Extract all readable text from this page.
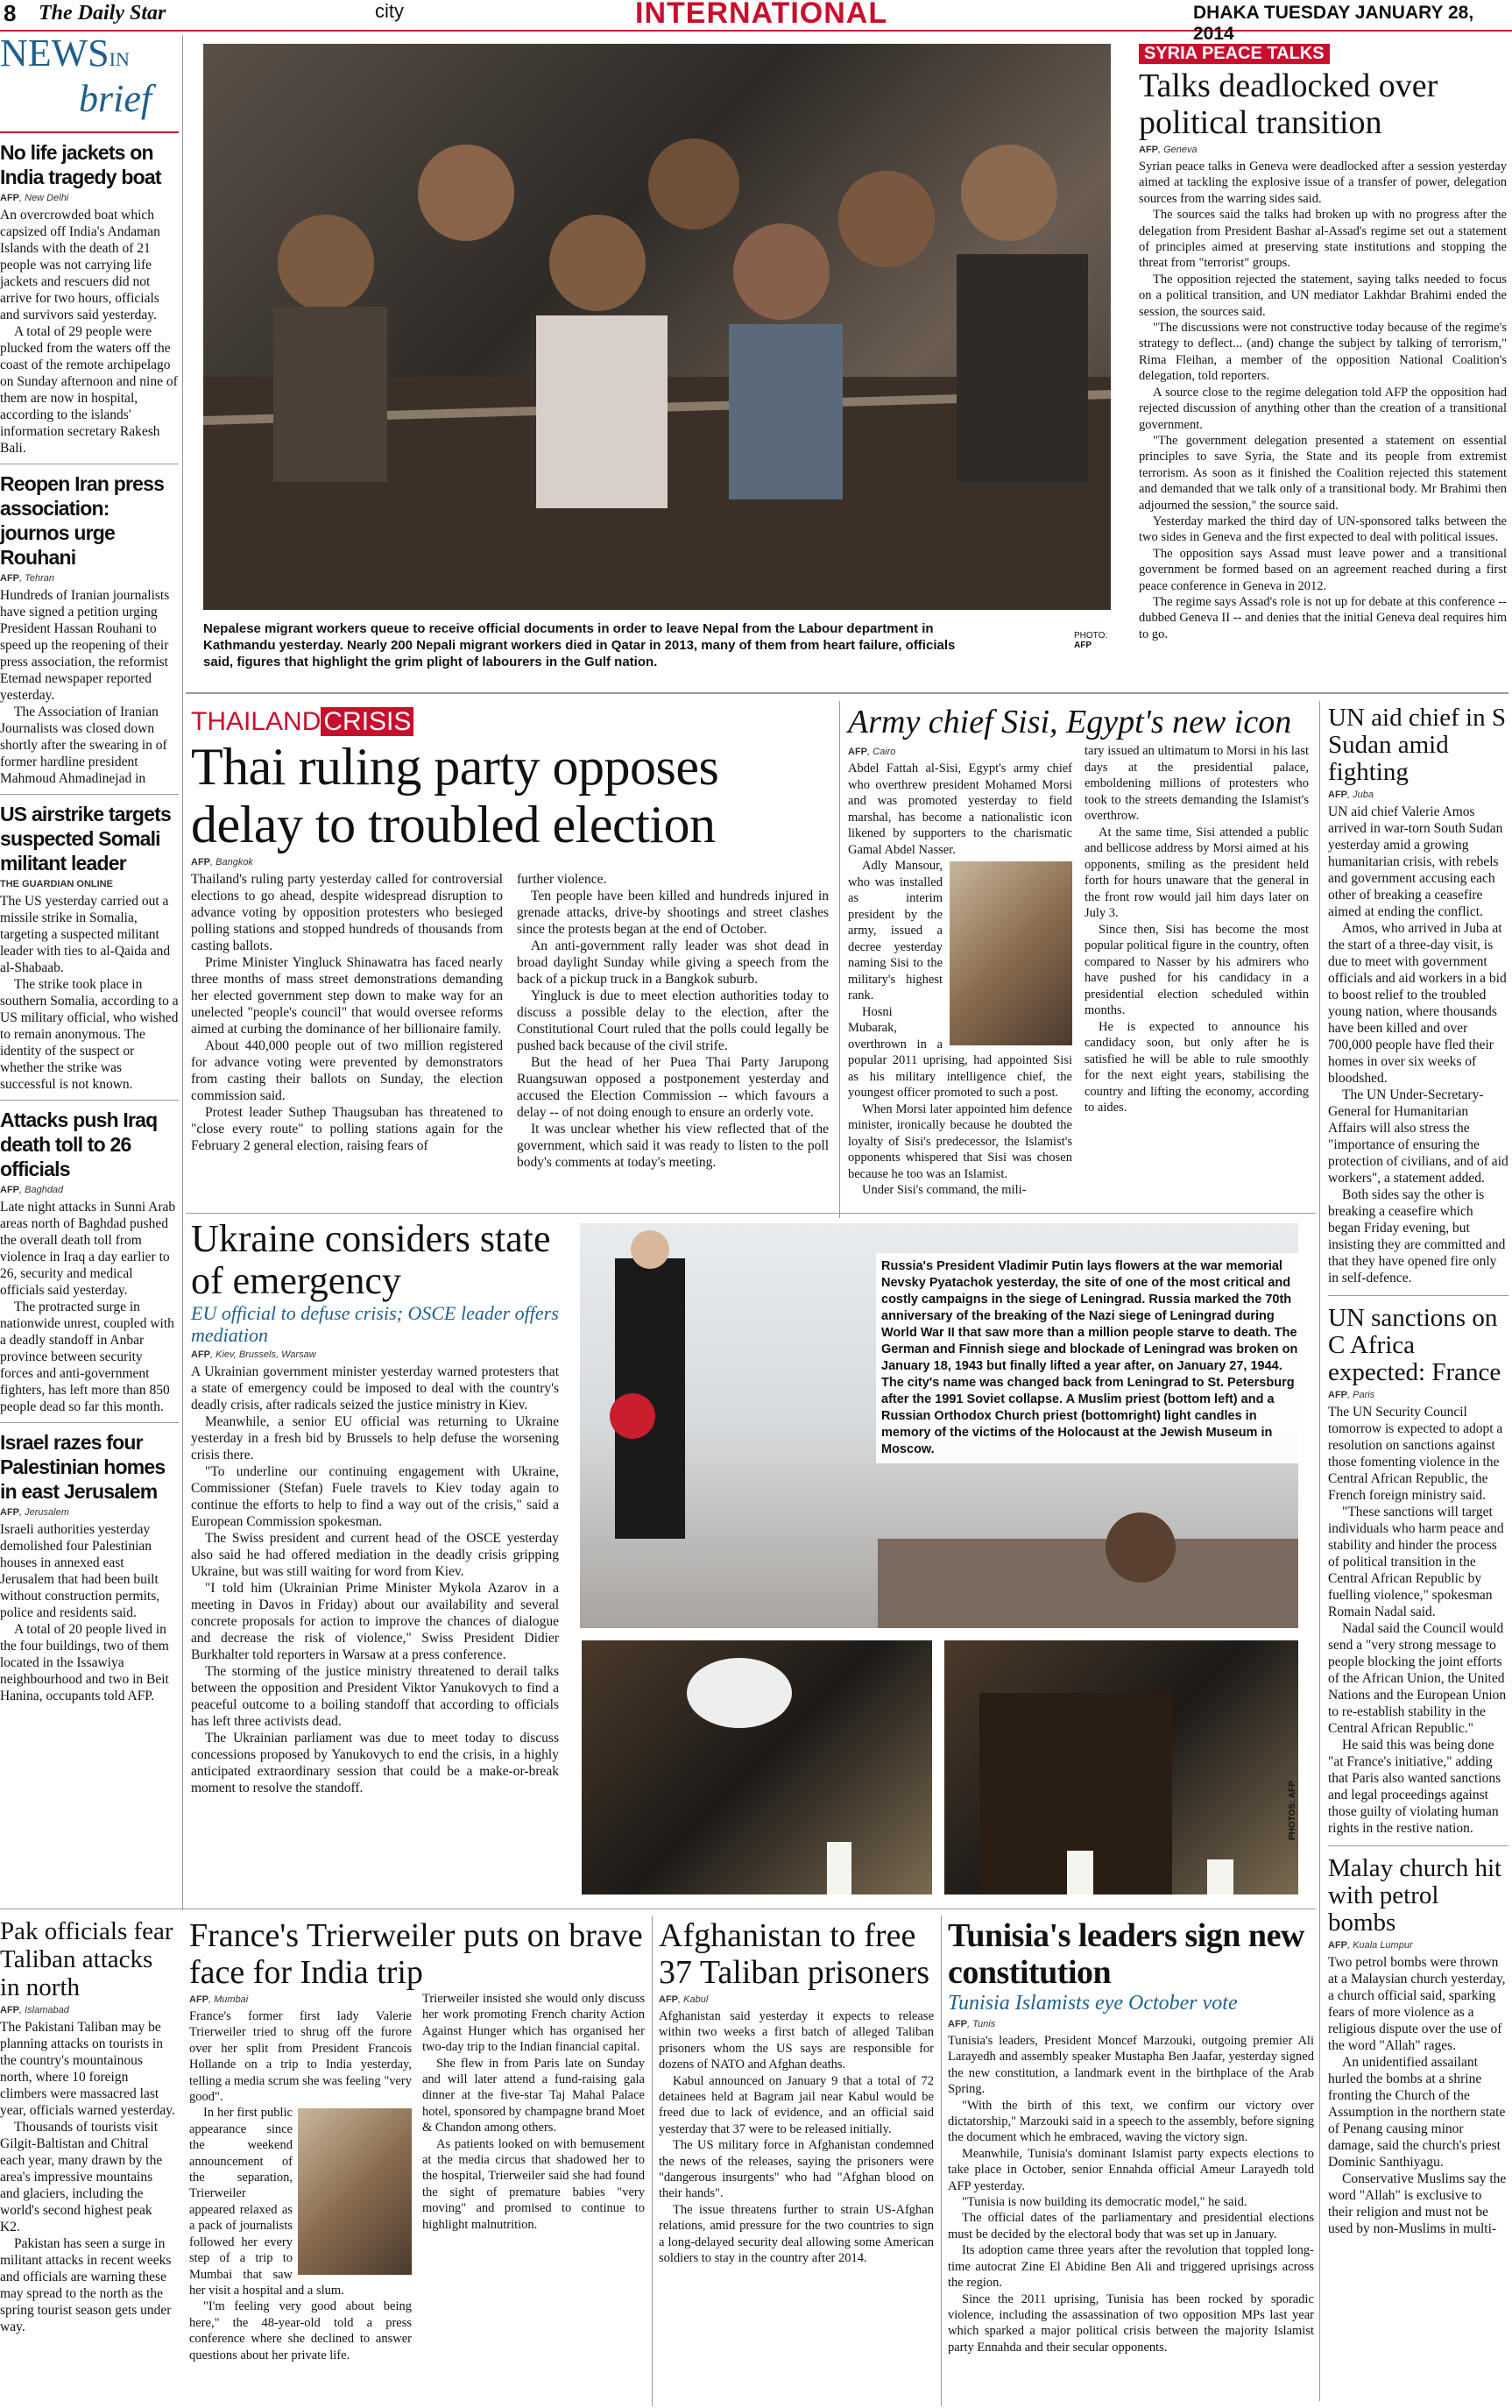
8 The Daily Star	city	INTERNATIONAL	DHAKA TUESDAY JANUARY 28, 2014
NEWSIN
brief
No life jackets on India tragedy boat
AFP, New Delhi

An overcrowded boat which capsized off India's Andaman Islands with the death of 21 people was not carrying life jackets and rescuers did not arrive for two hours, officials and survivors said yesterday.

A total of 29 people were plucked from the waters off the coast of the remote archipelago on Sunday afternoon and nine of them are now in hospital, according to the islands' information secretary Rakesh Bali.

Reopen Iran press association: journos urge Rouhani
AFP, Tehran

Hundreds of Iranian journalists have signed a petition urging President Hassan Rouhani to speed up the reopening of their press association, the reformist Etemad newspaper reported yesterday.

The Association of Iranian Journalists was closed down shortly after the swearing in of former hardline president Mahmoud Ahmadinejad in

US airstrike targets suspected Somali militant leader
THE GUARDIAN ONLINE

The US yesterday carried out a missile strike in Somalia, targeting a suspected militant leader with ties to al-Qaida and al-Shabaab.

The strike took place in southern Somalia, according to a US military official, who wished to remain anonymous. The identity of the suspect or whether the strike was successful is not known.

Attacks push Iraq death toll to 26 officials
AFP, Baghdad

Late night attacks in Sunni Arab areas north of Baghdad pushed the overall death toll from violence in Iraq a day earlier to 26, security and medical officials said yesterday.

The protracted surge in nationwide unrest, coupled with a deadly standoff in Anbar province between security forces and anti-government fighters, has left more than 850 people dead so far this month.

Israel razes four Palestinian homes in east Jerusalem
AFP, Jerusalem

Israeli authorities yesterday demolished four Palestinian houses in annexed east Jerusalem that had been built without construction permits, police and residents said.

A total of 20 people lived in the four buildings, two of them located in the Issawiya neighbourhood and two in Beit Hanina, occupants told AFP.

Nepalese migrant workers queue to receive official documents in order to leave Nepal from the Labour department in Kathmandu yesterday. Nearly 200 Nepali migrant workers died in Qatar in 2013, many of them from heart failure, officials said, figures that highlight the grim plight of labourers in the Gulf nation.
PHOTO:
AFP
SYRIA PEACE TALKS
Talks deadlocked over political transition
AFP, Geneva

Syrian peace talks in Geneva were deadlocked after a session yesterday aimed at tackling the explosive issue of a transfer of power, delegation sources from the warring sides said.

The sources said the talks had broken up with no progress after the delegation from President Bashar al-Assad's regime set out a statement of principles aimed at preserving state institutions and stopping the threat from "terrorist" groups.

The opposition rejected the statement, saying talks needed to focus on a political transition, and UN mediator Lakhdar Brahimi ended the session, the sources said.

"The discussions were not constructive today because of the regime's strategy to deflect... (and) change the subject by talking of terrorism," Rima Fleihan, a member of the opposition National Coalition's delegation, told reporters.

A source close to the regime delegation told AFP the opposition had rejected discussion of anything other than the creation of a transitional government.

"The government delegation presented a statement on essential principles to save Syria, the State and its people from extremist terrorism. As soon as it finished the Coalition rejected this statement and demanded that we talk only of a transitional body. Mr Brahimi then adjourned the session," the source said.

Yesterday marked the third day of UN-sponsored talks between the two sides in Geneva and the first expected to deal with political issues.

The opposition says Assad must leave power and a transitional government be formed based on an agreement reached during a first peace conference in Geneva in 2012.

The regime says Assad's role is not up for debate at this conference -- dubbed Geneva II -- and denies that the initial Geneva deal requires him to go.

THAILAND CRISIS
Thai ruling party opposes delay to troubled election
AFP, Bangkok

Thailand's ruling party yesterday called for controversial elections to go ahead, despite widespread disruption to advance voting by opposition protesters who besieged polling stations and stopped hundreds of thousands from casting ballots.

Prime Minister Yingluck Shinawatra has faced nearly three months of mass street demonstrations demanding her elected government step down to make way for an unelected "people's council" that would oversee reforms aimed at curbing the dominance of her billionaire family.

About 440,000 people out of two million registered for advance voting were prevented by demonstrators from casting their ballots on Sunday, the election commission said.

Protest leader Suthep Thaugsuban has threatened to "close every route" to polling stations again for the February 2 general election, raising fears of

further violence.

Ten people have been killed and hundreds injured in grenade attacks, drive-by shootings and street clashes since the protests began at the end of October.

An anti-government rally leader was shot dead in broad daylight Sunday while giving a speech from the back of a pickup truck in a Bangkok suburb.

Yingluck is due to meet election authorities today to discuss a possible delay to the election, after the Constitutional Court ruled that the polls could legally be pushed back because of the civil strife.

But the head of her Puea Thai Party Jarupong Ruangsuwan opposed a postponement yesterday and accused the Election Commission -- which favours a delay -- of not doing enough to ensure an orderly vote.

It was unclear whether his view reflected that of the government, which said it was ready to listen to the poll body's comments at today's meeting.

Army chief Sisi, Egypt's new icon
AFP, Cairo

Abdel Fattah al-Sisi, Egypt's army chief who overthrew president Mohamed Morsi and was promoted yesterday to field marshal, has become a nationalistic icon likened by supporters to the charismatic Gamal Abdel Nasser.

Adly Mansour, who was installed as interim president by the army, issued a decree yesterday naming Sisi to the military's highest rank.

Hosni Mubarak, overthrown in a popular 2011 uprising, had appointed Sisi as his military intelligence chief, the youngest officer promoted to such a post.

When Morsi later appointed him defence minister, ironically because he doubted the loyalty of Sisi's predecessor, the Islamist's opponents whispered that Sisi was chosen because he too was an Islamist.

Under Sisi's command, the mili-

tary issued an ultimatum to Morsi in his last days at the presidential palace, emboldening millions of protesters who took to the streets demanding the Islamist's overthrow.

At the same time, Sisi attended a public and bellicose address by Morsi aimed at his opponents, smiling as the president held forth for hours unaware that the general in the front row would jail him days later on July 3.

Since then, Sisi has become the most popular political figure in the country, often compared to Nasser by his admirers who have pushed for his candidacy in a presidential election scheduled within months.

He is expected to announce his candidacy soon, but only after he is satisfied he will be able to rule smoothly for the next eight years, stabilising the country and lifting the economy, according to aides.

UN aid chief in S Sudan amid fighting
AFP, Juba

UN aid chief Valerie Amos arrived in war-torn South Sudan yesterday amid a growing humanitarian crisis, with rebels and government accusing each other of breaking a ceasefire aimed at ending the conflict.

Amos, who arrived in Juba at the start of a three-day visit, is due to meet with government officials and aid workers in a bid to boost relief to the troubled young nation, where thousands have been killed and over 700,000 people have fled their homes in over six weeks of bloodshed.

The UN Under-Secretary-General for Humanitarian Affairs will also stress the "importance of ensuring the protection of civilians, and of aid workers", a statement added.

Both sides say the other is breaking a ceasefire which began Friday evening, but insisting they are committed and that they have opened fire only in self-defence.

UN sanctions on C Africa expected: France
AFP, Paris

The UN Security Council tomorrow is expected to adopt a resolution on sanctions against those fomenting violence in the Central African Republic, the French foreign ministry said.

"These sanctions will target individuals who harm peace and stability and hinder the process of political transition in the Central African Republic by fuelling violence," spokesman Romain Nadal said.

Nadal said the Council would send a "very strong message to people blocking the joint efforts of the African Union, the United Nations and the European Union to re-establish stability in the Central African Republic."

He said this was being done "at France's initiative," adding that Paris also wanted sanctions and legal proceedings against those guilty of violating human rights in the restive nation.

Malay church hit with petrol bombs
AFP, Kuala Lumpur

Two petrol bombs were thrown at a Malaysian church yesterday, a church official said, sparking fears of more violence as a religious dispute over the use of the word "Allah" rages.

An unidentified assailant hurled the bombs at a shrine fronting the Church of the Assumption in the northern state of Penang causing minor damage, said the church's priest Dominic Santhiyagu.

Conservative Muslims say the word "Allah" is exclusive to their religion and must not be used by non-Muslims in multi-

Ukraine considers state of emergency
EU official to defuse crisis; OSCE leader offers mediation
AFP, Kiev, Brussels, Warsaw

A Ukrainian government minister yesterday warned protesters that a state of emergency could be imposed to deal with the country's deadly crisis, after radicals seized the justice ministry in Kiev.

Meanwhile, a senior EU official was returning to Ukraine yesterday in a fresh bid by Brussels to help defuse the worsening crisis there.

"To underline our continuing engagement with Ukraine, Commissioner (Stefan) Fuele travels to Kiev today again to continue the efforts to help to find a way out of the crisis," said a European Commission spokesman.

The Swiss president and current head of the OSCE yesterday also said he had offered mediation in the deadly crisis gripping Ukraine, but was still waiting for word from Kiev.

"I told him (Ukrainian Prime Minister Mykola Azarov in a meeting in Davos in Friday) about our availability and several concrete proposals for action to improve the chances of dialogue and decrease the risk of violence," Swiss President Didier Burkhalter told reporters in Warsaw at a press conference.

The storming of the justice ministry threatened to derail talks between the opposition and President Viktor Yanukovych to find a peaceful outcome to a boiling standoff that according to officials has left three activists dead.

The Ukrainian parliament was due to meet today to discuss concessions proposed by Yanukovych to end the crisis, in a highly anticipated extraordinary session that could be a make-or-break moment to resolve the standoff.

Russia's President Vladimir Putin lays flowers at the war memorial Nevsky Pyatachok yesterday, the site of one of the most critical and costly campaigns in the siege of Leningrad. Russia marked the 70th anniversary of the breaking of the Nazi siege of Leningrad during World War II that saw more than a million people starve to death. The German and Finnish siege and blockade of Leningrad was broken on January 18, 1943 but finally lifted a year after, on January 27, 1944. The city's name was changed back from Leningrad to St. Petersburg after the 1991 Soviet collapse. A Muslim priest (bottom left) and a Russian Orthodox Church priest (bottomright) light candles in memory of the victims of the Holocaust at the Jewish Museum in Moscow.
PHOTOS: AFP
Pak officials fear Taliban attacks in north
AFP, Islamabad

The Pakistani Taliban may be planning attacks on tourists in the country's mountainous north, where 10 foreign climbers were massacred last year, officials warned yesterday.

Thousands of tourists visit Gilgit-Baltistan and Chitral each year, many drawn by the area's impressive mountains and glaciers, including the world's second highest peak K2.

Pakistan has seen a surge in militant attacks in recent weeks and officials are warning these may spread to the north as the spring tourist season gets under way.

France's Trierweiler puts on brave face for India trip
AFP, Mumbai

France's former first lady Valerie Trierweiler tried to shrug off the furore over her split from President Francois Hollande on a trip to India yesterday, telling a media scrum she was feeling "very good".

In her first public appearance since the weekend announcement of the separation, Trierweiler appeared relaxed as a pack of journalists followed her every step of a trip to Mumbai that saw her visit a hospital and a slum.

"I'm feeling very good about being here," the 48-year-old told a press conference where she declined to answer questions about her private life.

Trierweiler insisted she would only discuss her work promoting French charity Action Against Hunger which has organised her two-day trip to the Indian financial capital.

She flew in from Paris late on Sunday and will later attend a fund-raising gala dinner at the five-star Taj Mahal Palace hotel, sponsored by champagne brand Moet & Chandon among others.

As patients looked on with bemusement at the media circus that shadowed her to the hospital, Trierweiler said she had found the sight of premature babies "very moving" and promised to continue to highlight malnutrition.

Afghanistan to free 37 Taliban prisoners
AFP, Kabul

Afghanistan said yesterday it expects to release within two weeks a first batch of alleged Taliban prisoners whom the US says are responsible for dozens of NATO and Afghan deaths.

Kabul announced on January 9 that a total of 72 detainees held at Bagram jail near Kabul would be freed due to lack of evidence, and an official said yesterday that 37 were to be released initially.

The US military force in Afghanistan condemned the news of the releases, saying the prisoners were "dangerous insurgents" who had "Afghan blood on their hands".

The issue threatens further to strain US-Afghan relations, amid pressure for the two countries to sign a long-delayed security deal allowing some American soldiers to stay in the country after 2014.

Tunisia's leaders sign new constitution
Tunisia Islamists eye October vote
AFP, Tunis

Tunisia's leaders, President Moncef Marzouki, outgoing premier Ali Larayedh and assembly speaker Mustapha Ben Jaafar, yesterday signed the new constitution, a landmark event in the birthplace of the Arab Spring.

"With the birth of this text, we confirm our victory over dictatorship," Marzouki said in a speech to the assembly, before signing the document which he embraced, waving the victory sign.

Meanwhile, Tunisia's dominant Islamist party expects elections to take place in October, senior Ennahda official Ameur Larayedh told AFP yesterday.

"Tunisia is now building its democratic model," he said.

The official dates of the parliamentary and presidential elections must be decided by the electoral body that was set up in January.

Its adoption came three years after the revolution that toppled long-time autocrat Zine El Abidine Ben Ali and triggered uprisings across the region.

Since the 2011 uprising, Tunisia has been rocked by sporadic violence, including the assassination of two opposition MPs last year which sparked a major political crisis between the majority Islamist party Ennahda and their secular opponents.
